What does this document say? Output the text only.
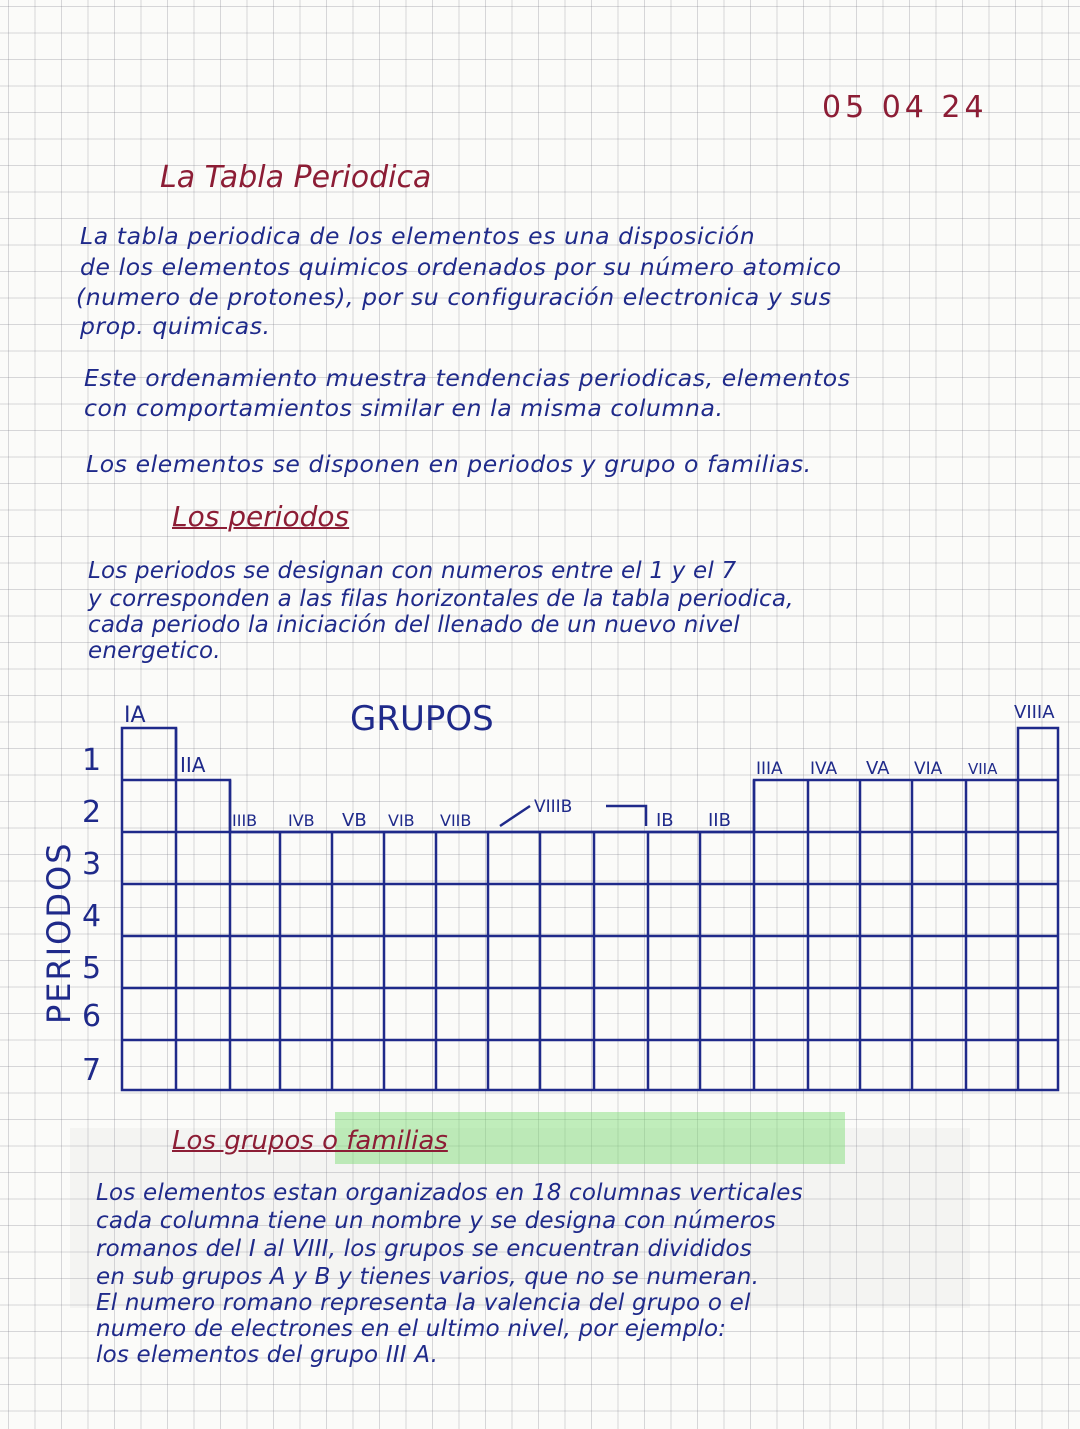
05 04 24
La Tabla Periodica
La tabla periodica de los elementos es una disposición
de los elementos quimicos ordenados por su número atomico
(numero de protones), por su configuración electronica y sus
prop. quimicas.
Este ordenamiento muestra tendencias periodicas, elementos
con comportamientos similar en la misma columna.
Los elementos se disponen en periodos y grupo o familias.
Los periodos
Los periodos se designan con numeros entre el 1 y el 7
y corresponden a las filas horizontales de la tabla periodica,
cada periodo la iniciación del llenado de un nuevo nivel
energetico.
GRUPOS
IA
IIA
IIIB IVB VB VIB VIIB
VIIIB
IB IIB
IIIA IVA VA VIA VIIA
VIIIA
1
2
3
4
5
6
7
PERIODOS
Los grupos o familias
Los elementos estan organizados en 18 columnas verticales
cada columna tiene un nombre y se designa con números
romanos del I al VIII, los grupos se encuentran divididos
en sub grupos A y B y tienes varios, que no se numeran.
El numero romano representa la valencia del grupo o el
numero de electrones en el ultimo nivel, por ejemplo:
los elementos del grupo III A.
